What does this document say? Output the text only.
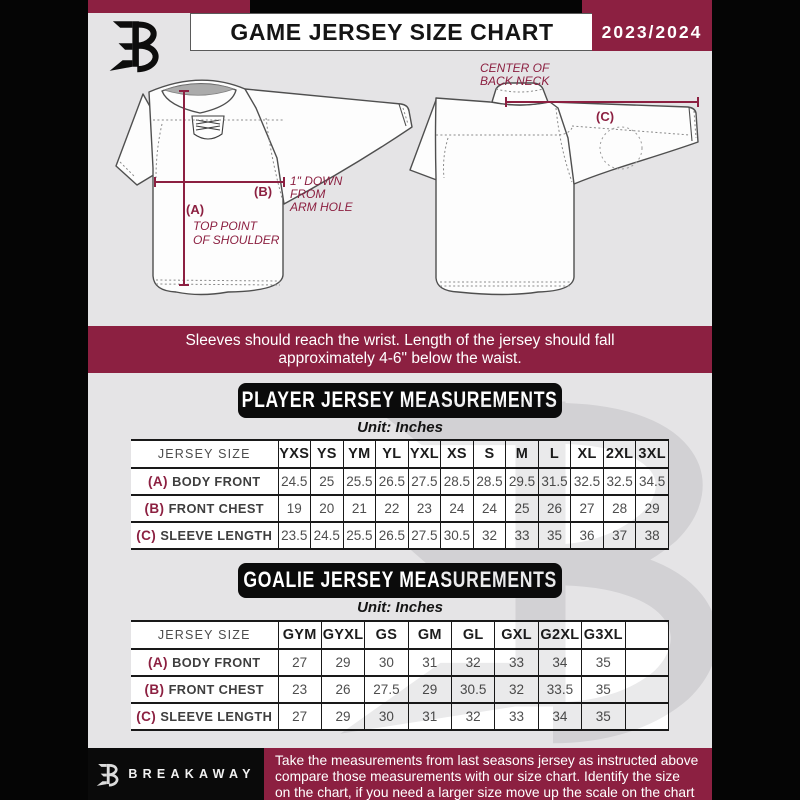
GAME JERSEY SIZE CHART	2023/2024
(A)
TOP POINT
OF SHOULDER
(B)
1" DOWN
FROM
ARM HOLE
(C)
CENTER OF
BACK NECK
Sleeves should reach the wrist. Length of the jersey should fall
approximately 4-6" below the waist.
PLAYER JERSEY MEASUREMENTS
Unit: Inches
JERSEY SIZE	YXS	YS	YM	YL	YXL	XS	S	M	L	XL	2XL	3XL
(A) BODY FRONT	24.5	25	25.5	26.5	27.5	28.5	28.5	29.5	31.5	32.5	32.5	34.5
(B) FRONT CHEST	19	20	21	22	23	24	24	25	26	27	28	29
(C) SLEEVE LENGTH	23.5	24.5	25.5	26.5	27.5	30.5	32	33	35	36	37	38
GOALIE JERSEY MEASUREMENTS
Unit: Inches
JERSEY SIZE	GYM	GYXL	GS	GM	GL	GXL	G2XL	G3XL	
(A) BODY FRONT	27	29	30	31	32	33	34	35	
(B) FRONT CHEST	23	26	27.5	29	30.5	32	33.5	35	
(C) SLEEVE LENGTH	27	29	30	31	32	33	34	35	
BREAKAWAY
Take the measurements from last seasons jersey as instructed above
compare those measurements with our size chart. Identify the size
on the chart, if you need a larger size move up the scale on the chart
